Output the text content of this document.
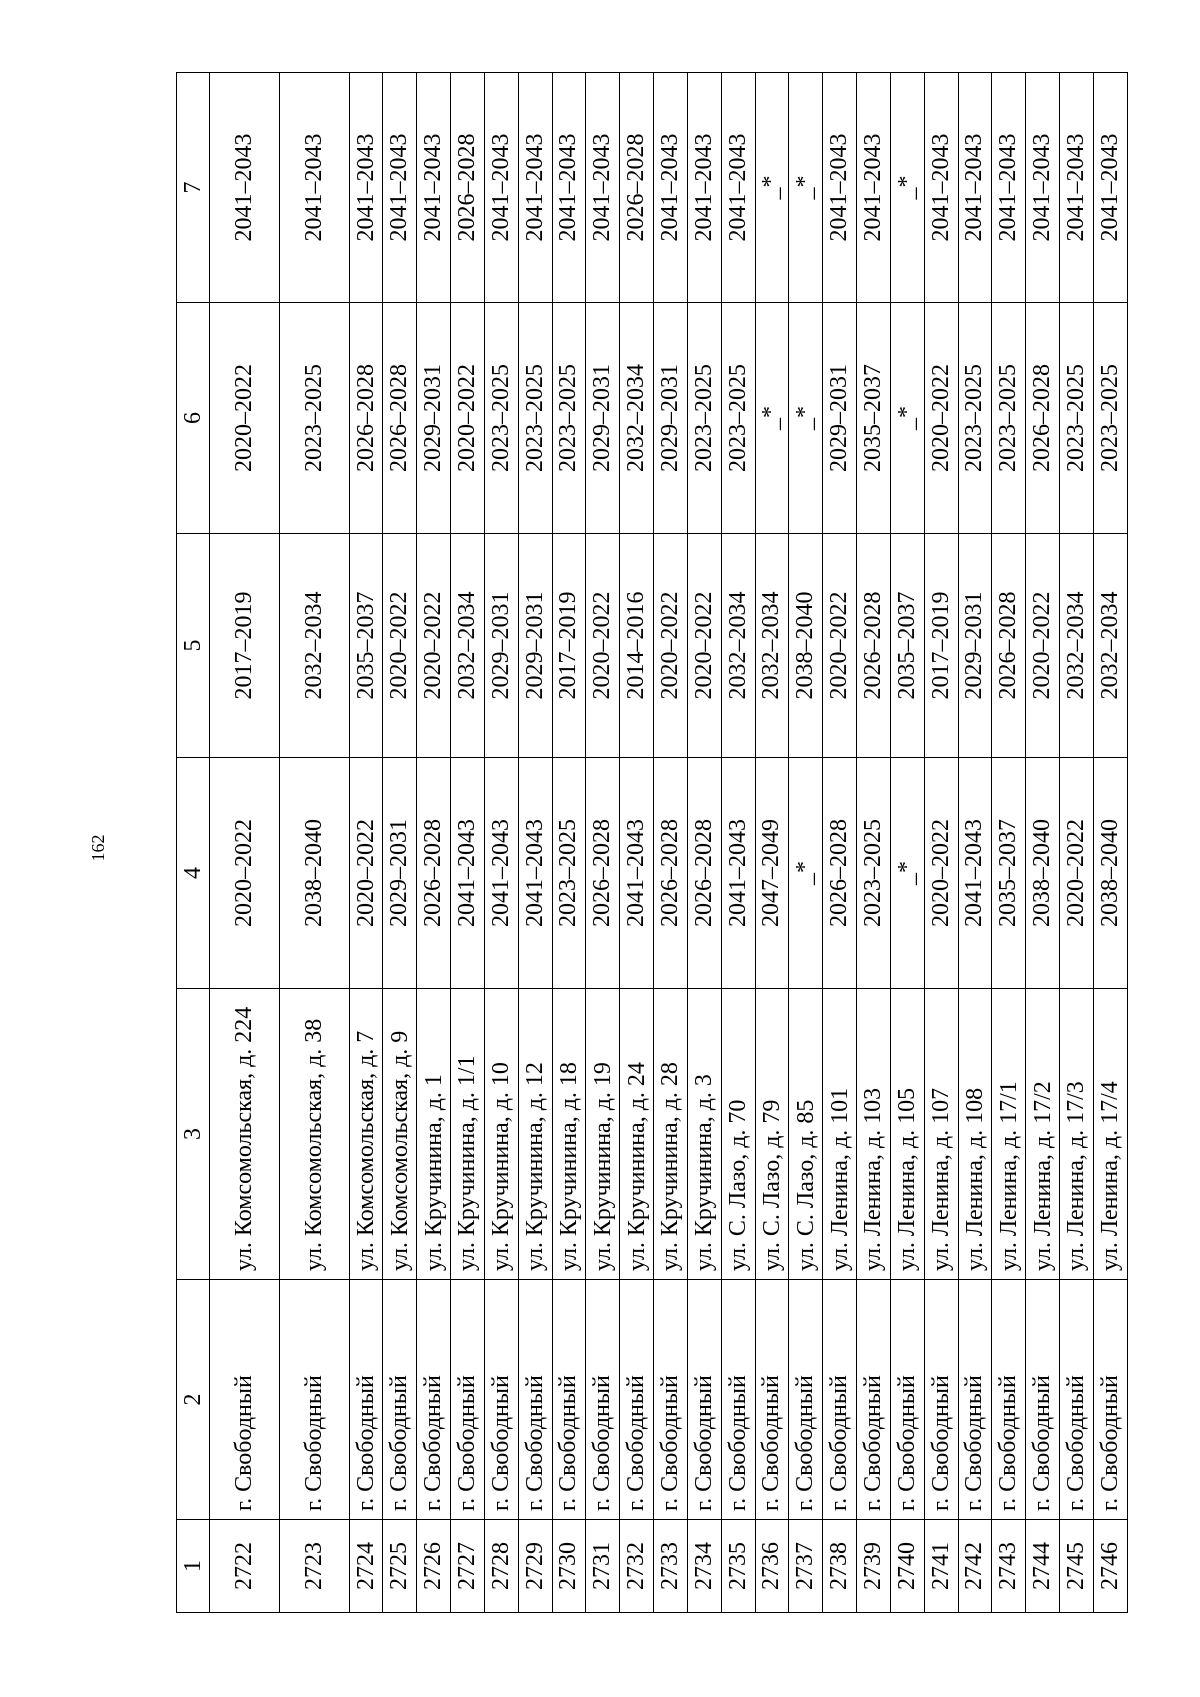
162
1	2	3	4	5	6	7
2722	г. Свободный	ул. Комсомольская, д. 224	2020–2022	2017–2019	2020–2022	2041–2043
2723	г. Свободный	ул. Комсомольская, д. 38	2038–2040	2032–2034	2023–2025	2041–2043
2724	г. Свободный	ул. Комсомольская, д. 7	2020–2022	2035–2037	2026–2028	2041–2043
2725	г. Свободный	ул. Комсомольская, д. 9	2029–2031	2020–2022	2026–2028	2041–2043
2726	г. Свободный	ул. Кручинина, д. 1	2026–2028	2020–2022	2029–2031	2041–2043
2727	г. Свободный	ул. Кручинина, д. 1/1	2041–2043	2032–2034	2020–2022	2026–2028
2728	г. Свободный	ул. Кручинина, д. 10	2041–2043	2029–2031	2023–2025	2041–2043
2729	г. Свободный	ул. Кручинина, д. 12	2041–2043	2029–2031	2023–2025	2041–2043
2730	г. Свободный	ул. Кручинина, д. 18	2023–2025	2017–2019	2023–2025	2041–2043
2731	г. Свободный	ул. Кручинина, д. 19	2026–2028	2020–2022	2029–2031	2041–2043
2732	г. Свободный	ул. Кручинина, д. 24	2041–2043	2014–2016	2032–2034	2026–2028
2733	г. Свободный	ул. Кручинина, д. 28	2026–2028	2020–2022	2029–2031	2041–2043
2734	г. Свободный	ул. Кручинина, д. 3	2026–2028	2020–2022	2023–2025	2041–2043
2735	г. Свободный	ул. С. Лазо, д. 70	2041–2043	2032–2034	2023–2025	2041–2043
2736	г. Свободный	ул. С. Лазо, д. 79	2047–2049	2032–2034	_*	_*
2737	г. Свободный	ул. С. Лазо, д. 85	_*	2038–2040	_*	_*
2738	г. Свободный	ул. Ленина, д. 101	2026–2028	2020–2022	2029–2031	2041–2043
2739	г. Свободный	ул. Ленина, д. 103	2023–2025	2026–2028	2035–2037	2041–2043
2740	г. Свободный	ул. Ленина, д. 105	_*	2035–2037	_*	_*
2741	г. Свободный	ул. Ленина, д. 107	2020–2022	2017–2019	2020–2022	2041–2043
2742	г. Свободный	ул. Ленина, д. 108	2041–2043	2029–2031	2023–2025	2041–2043
2743	г. Свободный	ул. Ленина, д. 17/1	2035–2037	2026–2028	2023–2025	2041–2043
2744	г. Свободный	ул. Ленина, д. 17/2	2038–2040	2020–2022	2026–2028	2041–2043
2745	г. Свободный	ул. Ленина, д. 17/3	2020–2022	2032–2034	2023–2025	2041–2043
2746	г. Свободный	ул. Ленина, д. 17/4	2038–2040	2032–2034	2023–2025	2041–2043
